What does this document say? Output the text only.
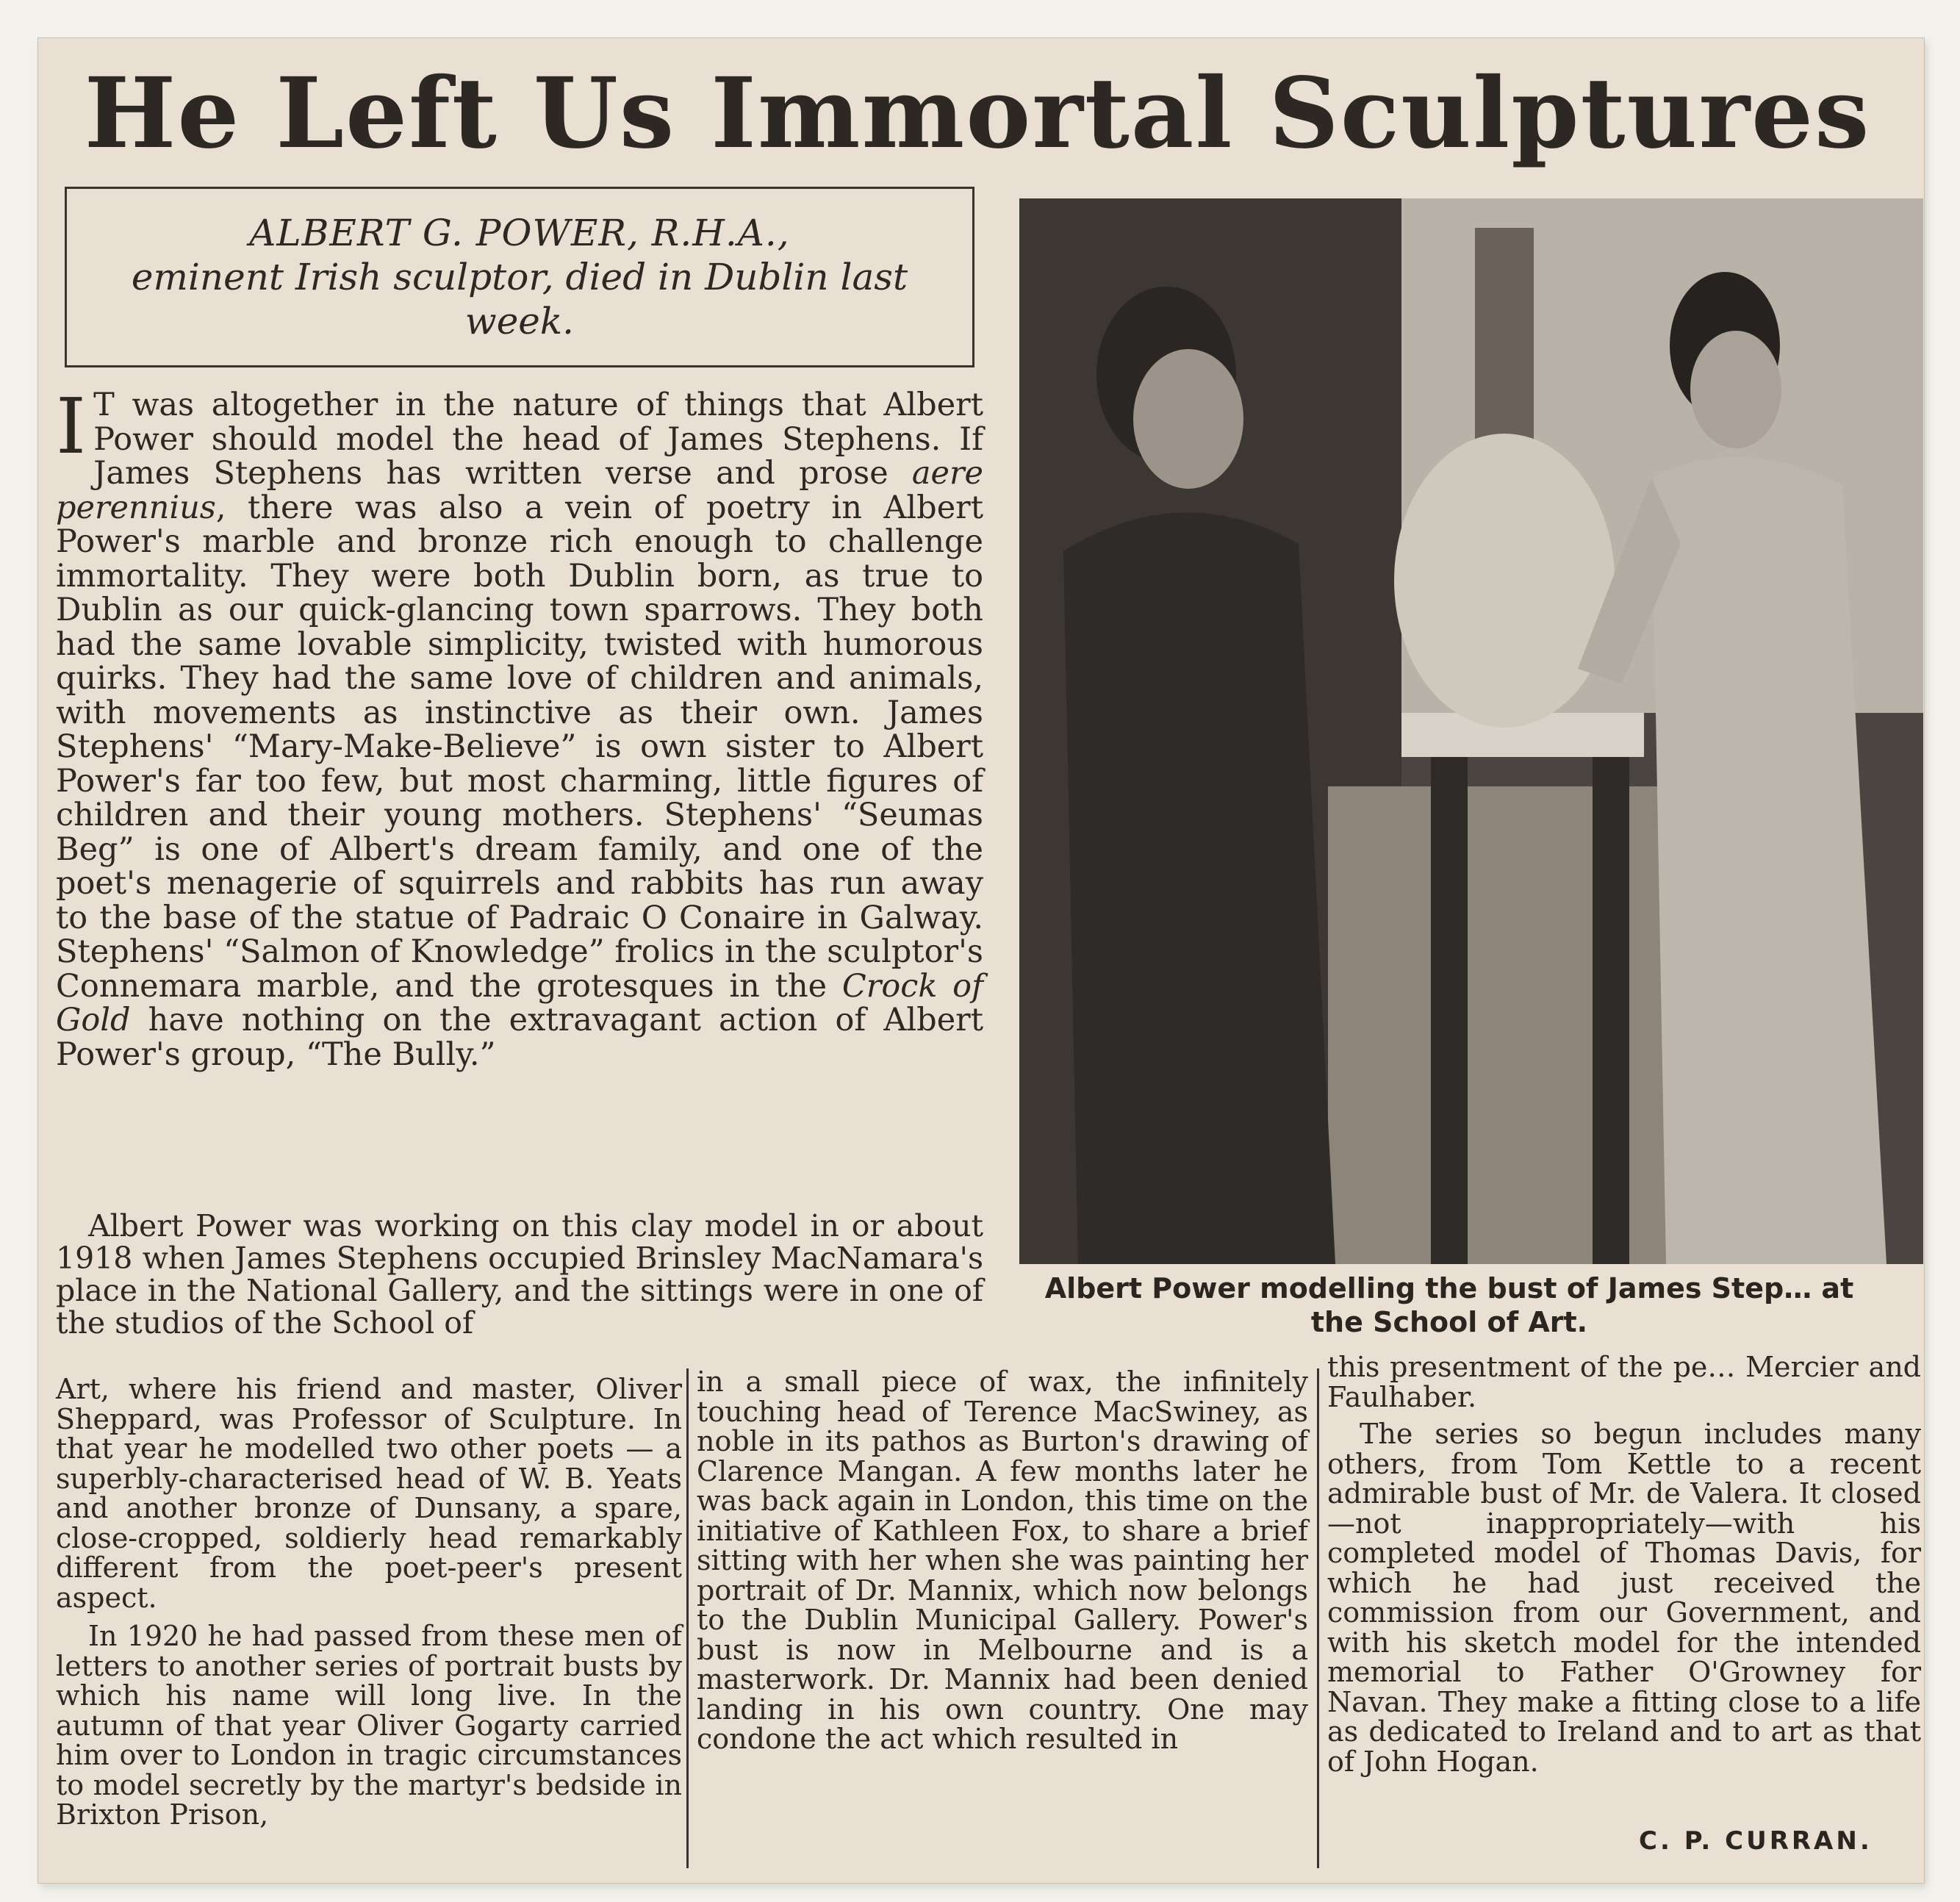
He Left Us Immortal Sculptures
ALBERT G. POWER, R.H.A.,
eminent Irish sculptor, died in Dublin last week.
Albert Power modelling the bust of James Step… at the School of Art.

I T was altogether in the nature of things that Albert Power should model the head of James Stephens. If James Stephens has written verse and prose aere perennius, there was also a vein of poetry in Albert Power's marble and bronze rich enough to challenge immortality. They were both Dublin born, as true to Dublin as our quick-glancing town sparrows. They both had the same lovable simplicity, twisted with humorous quirks. They had the same love of children and animals, with movements as instinctive as their own. James Stephens' “Mary-Make-Believe” is own sister to Albert Power's far too few, but most charming, little figures of children and their young mothers. Stephens' “Seumas Beg” is one of Albert's dream family, and one of the poet's menagerie of squirrels and rabbits has run away to the base of the statue of Padraic O Conaire in Galway. Stephens' “Salmon of Knowledge” frolics in the sculptor's Connemara marble, and the grotesques in the Crock of Gold have nothing on the extravagant action of Albert Power's group, “The Bully.”

Albert Power was working on this clay model in or about 1918 when James Stephens occupied Brinsley MacNamara's place in the National Gallery, and the sittings were in one of the studios of the School of

Art, where his friend and master, Oliver Sheppard, was Professor of Sculpture. In that year he modelled two other poets — a superbly-characterised head of W. B. Yeats and another bronze of Dunsany, a spare, close-cropped, soldierly head remarkably different from the poet-peer's present aspect.

In 1920 he had passed from these men of letters to another series of portrait busts by which his name will long live. In the autumn of that year Oliver Gogarty carried him over to London in tragic circumstances to model secretly by the martyr's bedside in Brixton Prison,

in a small piece of wax, the infinitely touching head of Terence MacSwiney, as noble in its pathos as Burton's drawing of Clarence Mangan. A few months later he was back again in London, this time on the initiative of Kathleen Fox, to share a brief sitting with her when she was painting her portrait of Dr. Mannix, which now belongs to the Dublin Municipal Gallery. Power's bust is now in Melbourne and is a masterwork. Dr. Mannix had been denied landing in his own country. One may condone the act which resulted in

this presentment of the pe… Mercier and Faulhaber.

The series so begun includes many others, from Tom Kettle to a recent admirable bust of Mr. de Valera. It closed—not inappropriately—with his completed model of Thomas Davis, for which he had just received the commission from our Government, and with his sketch model for the intended memorial to Father O'Growney for Navan. They make a fitting close to a life as dedicated to Ireland and to art as that of John Hogan.

C. P. CURRAN.
